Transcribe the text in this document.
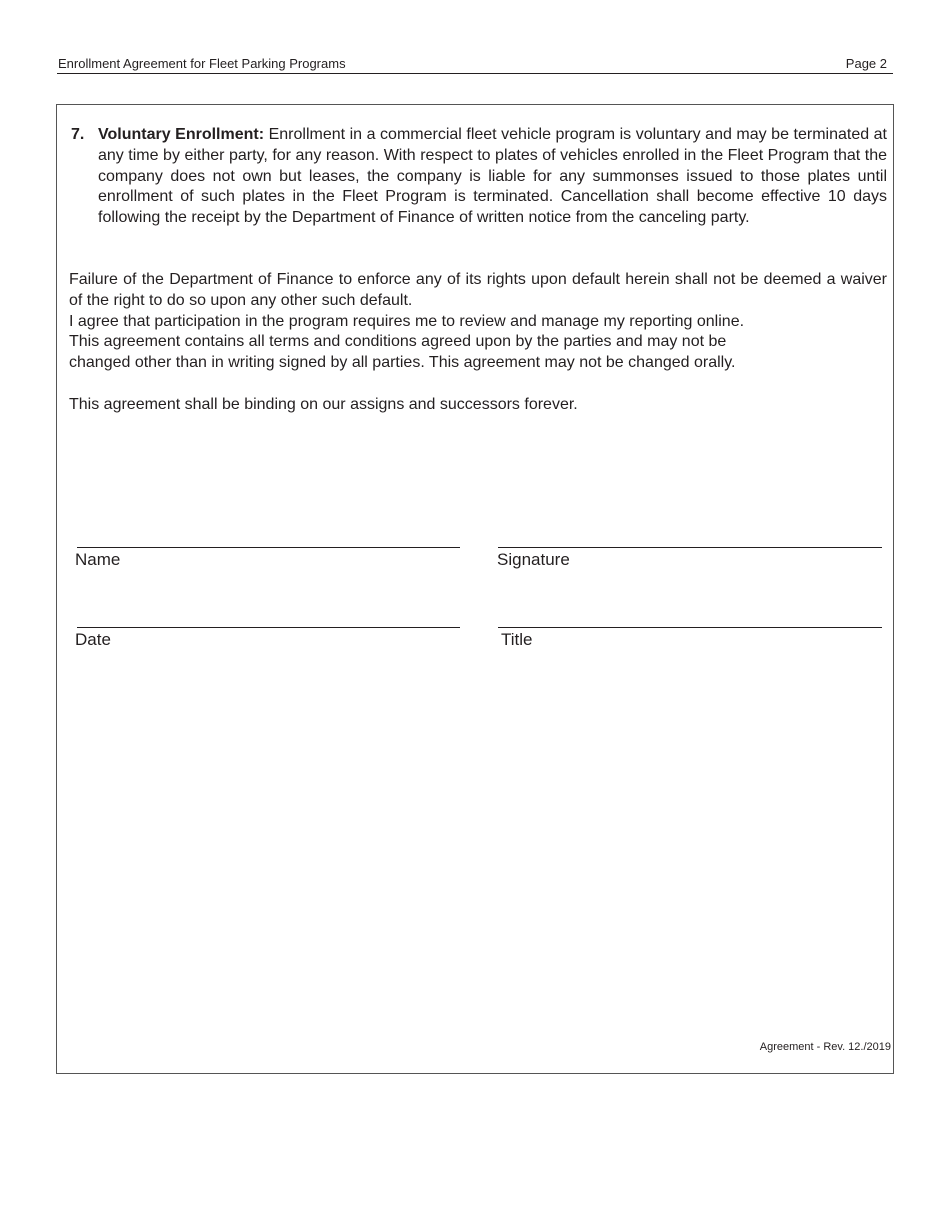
Enrollment Agreement for Fleet Parking Programs	Page 2
7. Voluntary Enrollment: Enrollment in a commercial fleet vehicle program is voluntary and may be terminated at any time by either party, for any reason. With respect to plates of vehicles enrolled in the Fleet Program that the company does not own but leases, the company is liable for any summonses issued to those plates until enrollment of such plates in the Fleet Program is terminated. Cancellation shall become effective 10 days following the receipt by the Department of Finance of written notice from the canceling party.
Failure of the Department of Finance to enforce any of its rights upon default herein shall not be deemed a waiver of the right to do so upon any other such default.
I agree that participation in the program requires me to review and manage my reporting online.
This agreement contains all terms and conditions agreed upon by the parties and may not be
changed other than in writing signed by all parties. This agreement may not be changed orally.
This agreement shall be binding on our assigns and successors forever.
Name	Signature
Date	Title
Agreement - Rev. 12./2019
